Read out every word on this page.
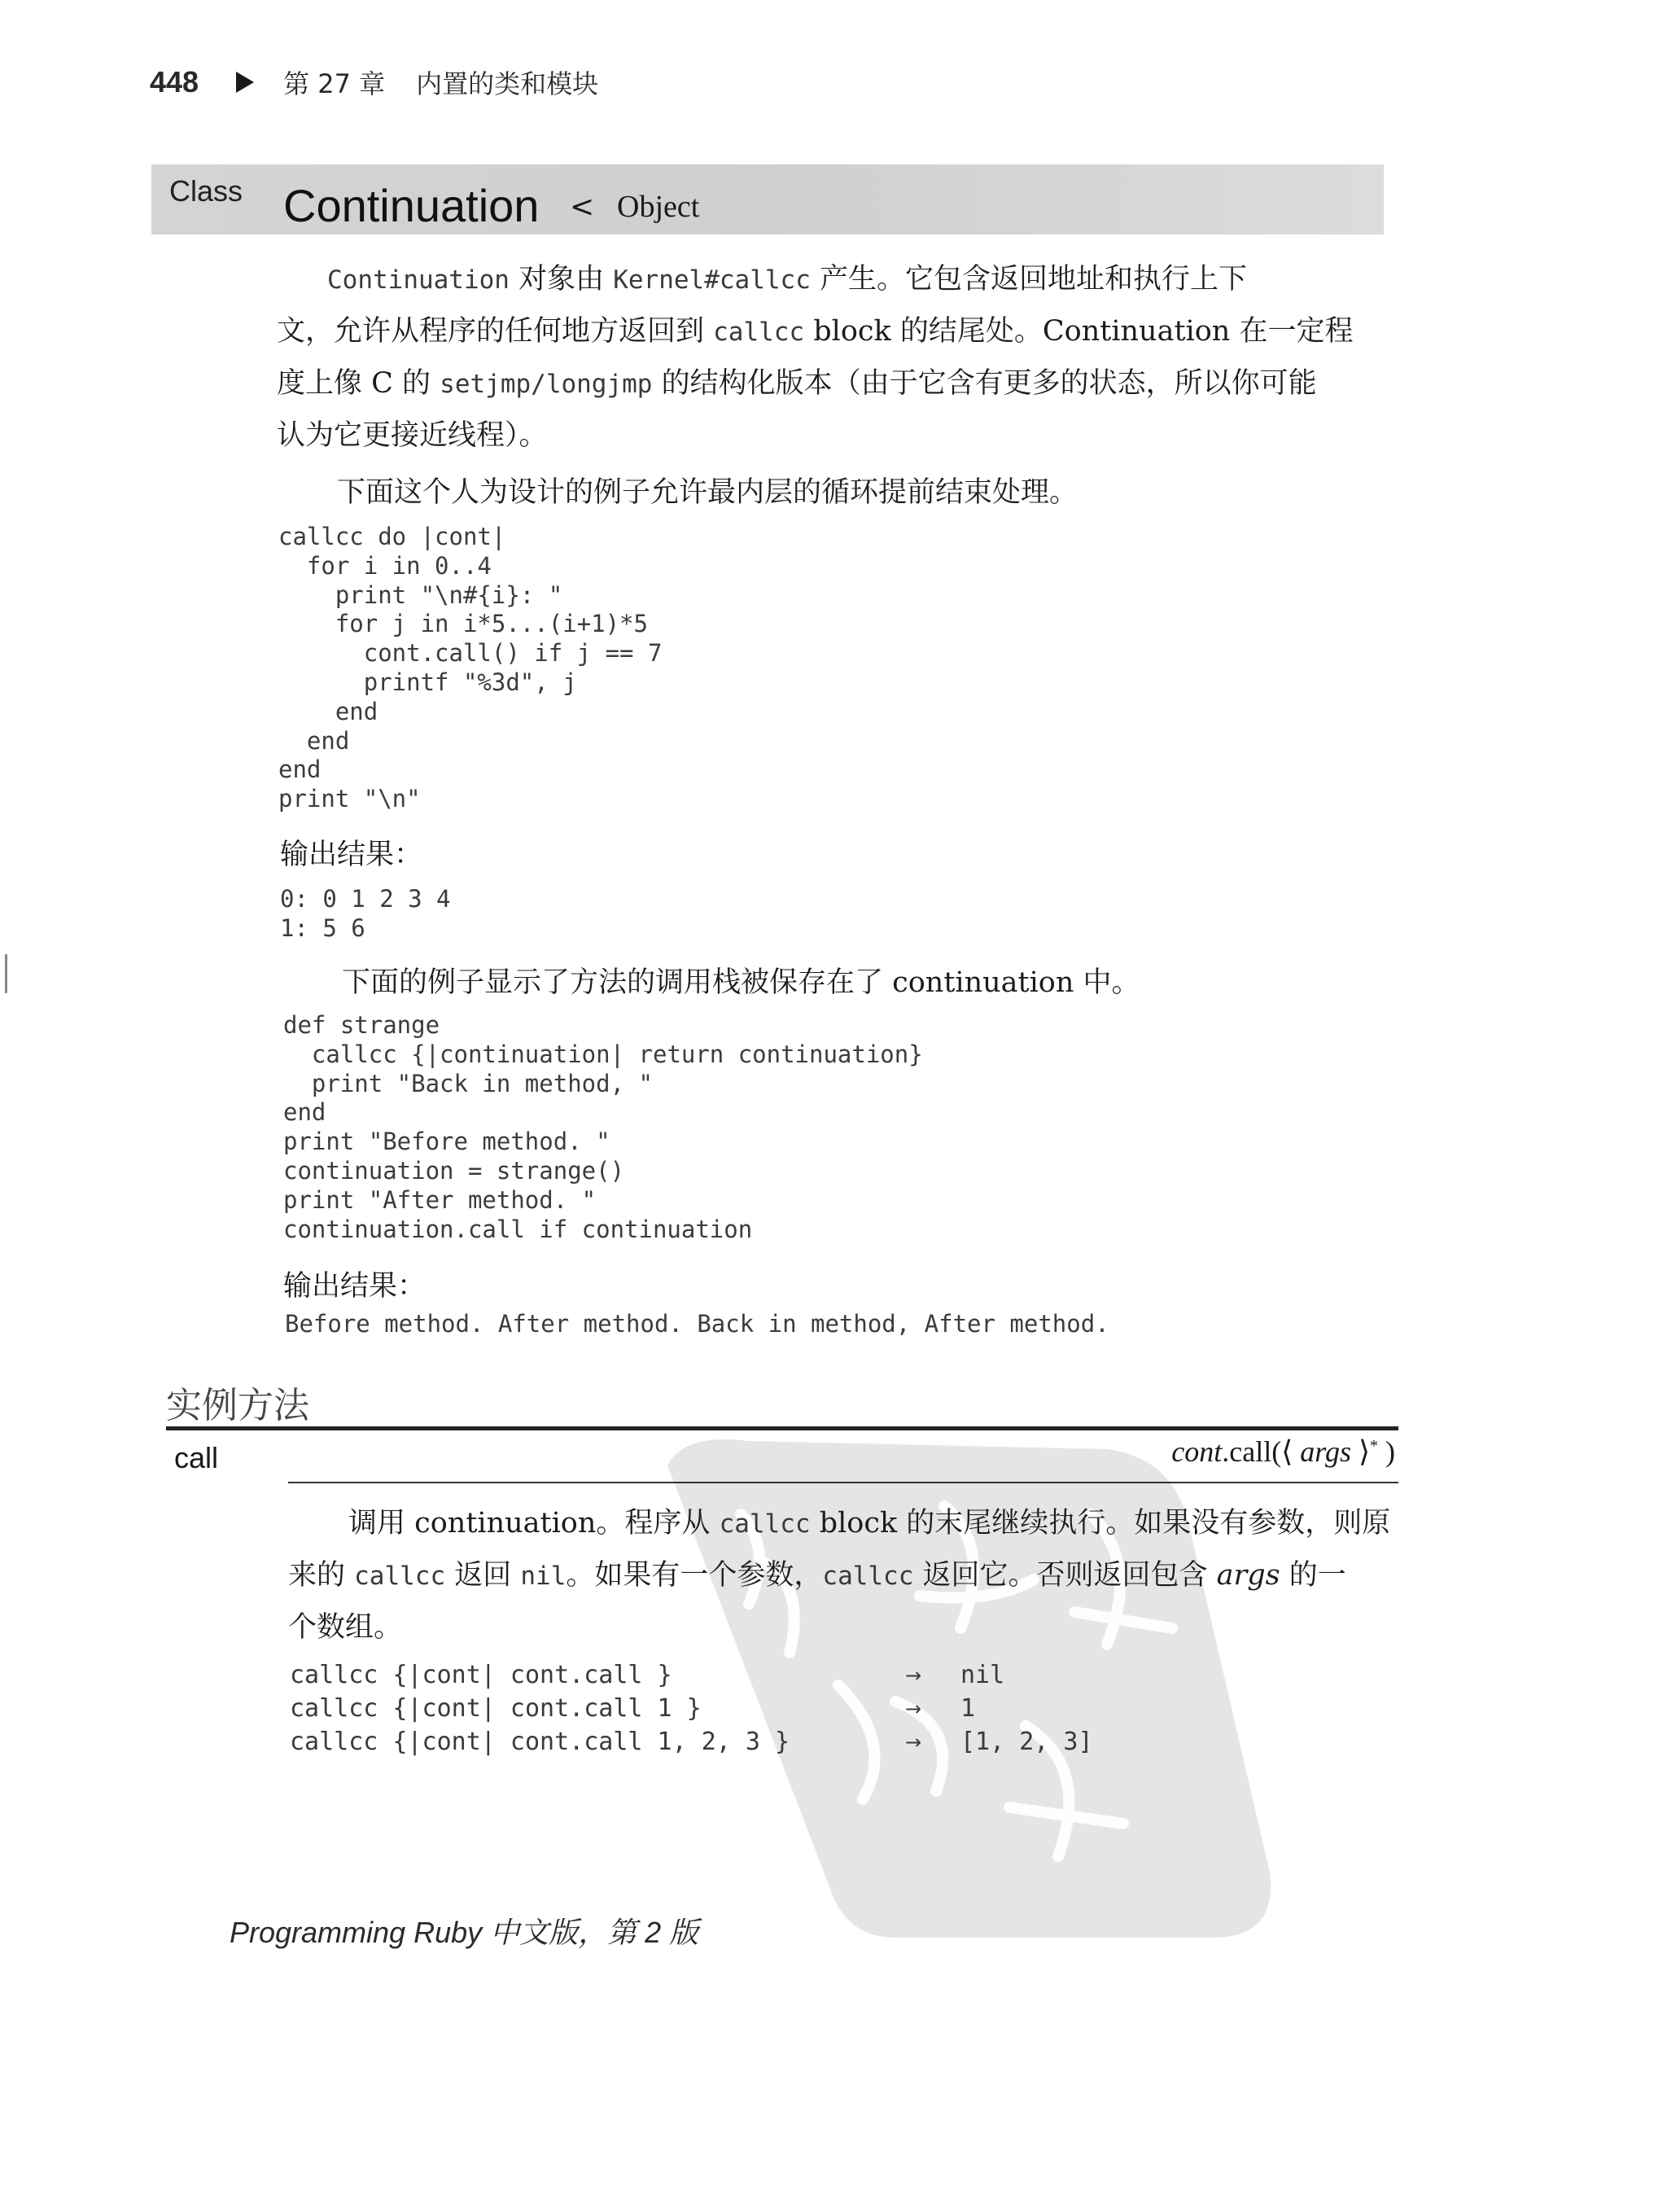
448	第 27 章 内置的类和模块
Class Continuation < Object
Continuation 对象由 Kernel#callcc 产生。它包含返回地址和执行上下
文，允许从程序的任何地方返回到 callcc block 的结尾处。Continuation 在一定程
度上像 C 的 setjmp/longjmp 的结构化版本（由于它含有更多的状态，所以你可能
认为它更接近线程）。
下面这个人为设计的例子允许最内层的循环提前结束处理。
callcc do |cont|
for i in 0..4
print "\n#{i}: "
for j in i*5...(i+1)*5
cont.call() if j == 7
printf "%3d", j
end
end
end
print "\n"
输出结果：
0: 0 1 2 3 4
1: 5 6
下面的例子显示了方法的调用栈被保存在了 continuation 中。
def strange
callcc {|continuation| return continuation}
print "Back in method, "
end
print "Before method. "
continuation = strange()
print "After method. "
continuation.call if continuation
输出结果：
Before method. After method. Back in method, After method.
实例方法
call	cont.call(⟨ args ⟩* )
调用 continuation。程序从 callcc block 的末尾继续执行。如果没有参数，则原
来的 callcc 返回 nil。如果有一个参数，callcc 返回它。否则返回包含 args 的一
个数组。
callcc {|cont| cont.call }	→ nil
callcc {|cont| cont.call 1 }	→ 1
callcc {|cont| cont.call 1, 2, 3 }	→ [1, 2, 3]
Programming Ruby 中文版，第 2 版
